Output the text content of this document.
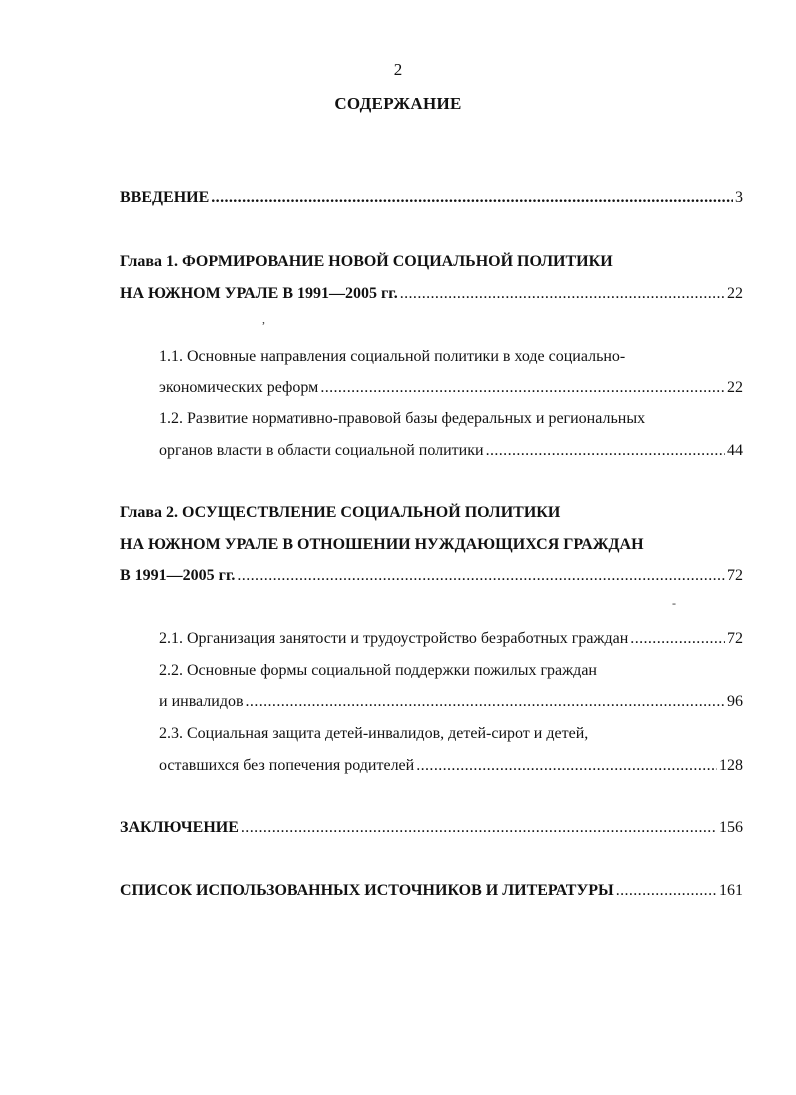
2
СОДЕРЖАНИЕ
ВВЕДЕНИЕ .....	3
Глава 1. ФОРМИРОВАНИЕ НОВОЙ СОЦИАЛЬНОЙ ПОЛИТИКИ
НА ЮЖНОМ УРАЛЕ В 1991—2005 гг. .....	22
,
1.1. Основные направления социальной политики в ходе социально-
экономических реформ .....	22
1.2. Развитие нормативно-правовой базы федеральных и региональных
органов власти в области социальной политики .....	44
Глава 2. ОСУЩЕСТВЛЕНИЕ СОЦИАЛЬНОЙ ПОЛИТИКИ
НА ЮЖНОМ УРАЛЕ В ОТНОШЕНИИ НУЖДАЮЩИХСЯ ГРАЖДАН
В 1991—2005 гг. .....	72
-
2.1. Организация занятости и трудоустройство безработных граждан .....	72
2.2. Основные формы социальной поддержки пожилых граждан
и инвалидов .....	96
2.3. Социальная защита детей-инвалидов, детей-сирот и детей,
оставшихся без попечения родителей .....	128
ЗАКЛЮЧЕНИЕ .....	156
СПИСОК ИСПОЛЬЗОВАННЫХ ИСТОЧНИКОВ И ЛИТЕРАТУРЫ .....	161
